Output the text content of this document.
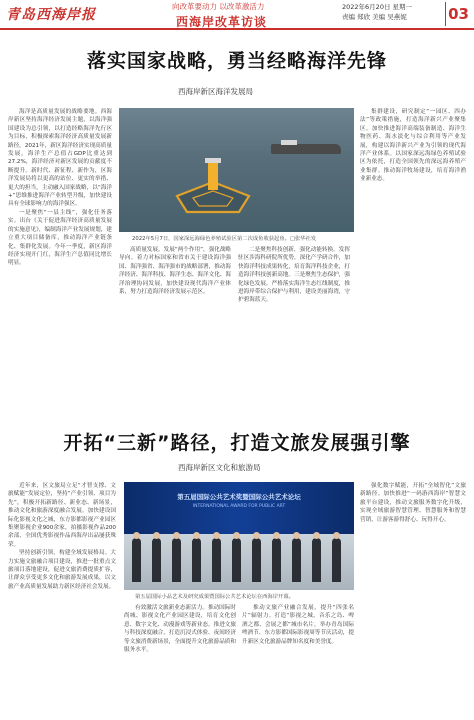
青岛西海岸报
向改革要动力 以改革激活力
西海岸改革访谈
2022年6月20日 星期一
责编 郑欣 美编 吴燕妮	03
落实国家战略，勇当经略海洋先锋
西海岸新区海洋发展局

海洋是高质量发展的战略要地。西海岸新区坚持海洋经济发展主题，以海洋强国建设为总引领，以打造经略海洋先行区为目标，积极探索海洋经济高质量发展新路径。2021年，新区海洋经济实现高质量发展，海洋生产总值占GDP比重达到27.2%，海洋经济对新区发展的贡献度不断提升。新时代、新征程、新作为，区海洋发展局将以更高的站位、更实的举措、更大的担当，主动融入国家战略，以“海洋+”思维推进海洋产业转型升级，加快建设具有全球影响力的海洋强区。

一是聚焦“一县主线”，强化任务落实。出台《关于促进海洋经济高质量发展的实施意见》，编制海洋产业发展规划，建立重大项目储备库，推动海洋产业链条化、集群化发展。今年一季度，新区海洋经济实现开门红，海洋生产总值同比增长明显。

2022年5月7日，国家深远海绿色养殖试验区第二次成鱼收获起鱼。□张华社发

高质量发展。发展“两个作用”，强化战略导向。着力对标国家和省市关于建设海洋强国、海洋强省、海洋强市的战略部署，推动海洋经济、海洋科技、海洋生态、海洋文化、海洋治理协同发展，加快建设现代海洋产业体系，努力打造海洋经济发展示范区。

二是聚焦科技创新，强化动能转换。发挥驻区涉海科研院所优势，深化产学研合作，加快海洋科技成果转化，培育海洋科技企业，打造海洋科技创新高地。三是聚焦生态保护，强化绿色发展。严格落实海洋生态红线制度，推进海岸带综合保护与利用，建设美丽海湾，守护碧海蓝天。

集群建设，研究制定“一园区、四办法”等政策措施，打造海洋新兴产业聚集区。加快推进海洋高端装备制造、海洋生物医药、海水淡化与综合利用等产业发展，构建以海洋新兴产业为引领的现代海洋产业体系。以国家深远海绿色养殖试验区为依托，打造全国领先的深远海养殖产业集群。推动海洋牧场建设，培育海洋渔业新业态。

开拓“三新”路径，打造文旅发展强引擎
西海岸新区文化和旅游局

近年来，区文旅局立足“才智支撑、文旅赋能”发展定位，坚持“产业引领、项目为先”，积极开拓新路径、新业态、新场景，推动文化和旅游深度融合发展。加快建设国际化影视文化之城，东方影都影视产业园区集聚影视企业900余家，拍摄影视作品200余部，全国优秀影视作品西海岸出品屡获殊荣。

坚持创新引领，构建全域发展格局。大力实施文旅融合项目建设，推进一批重点文旅项目落地建设，促进文旅消费提质扩容，让群众享受更多文化和旅游发展成果，以文旅产业高质量发展助力新区经济社会发展。

第五届国际公共艺术奖暨国际公共艺术论坛
INTERNATIONAL AWARD FOR PUBLIC ART
第五届国际小品艺术及研究成果暨国际公共艺术论坛在西海岸开幕。

有效激活文旅新业态新活力。推动国际时尚城、影视文化产业园区建设，培育文化创意、数字文化、动漫游戏等新业态。推进文旅与科技深度融合，打造沉浸式体验、夜间经济等文旅消费新场景，全面提升文化旅游品质和服务水平。

推动文旅产业融合发展，提升“四张名片”辐射力。打造“影视之城、音乐之岛、啤酒之都、会展之都”城市名片，举办青岛国际啤酒节、东方影都国际影视周等节庆活动，提升新区文化旅游品牌知名度和美誉度。

强化数字赋能，开拓“全域智化”文旅新路径。加快推进“一码游西海岸”智慧文旅平台建设，推动文旅服务数字化升级，实现全域旅游智慧管理、智慧服务和智慧营销，让游客游得舒心、玩得开心。
